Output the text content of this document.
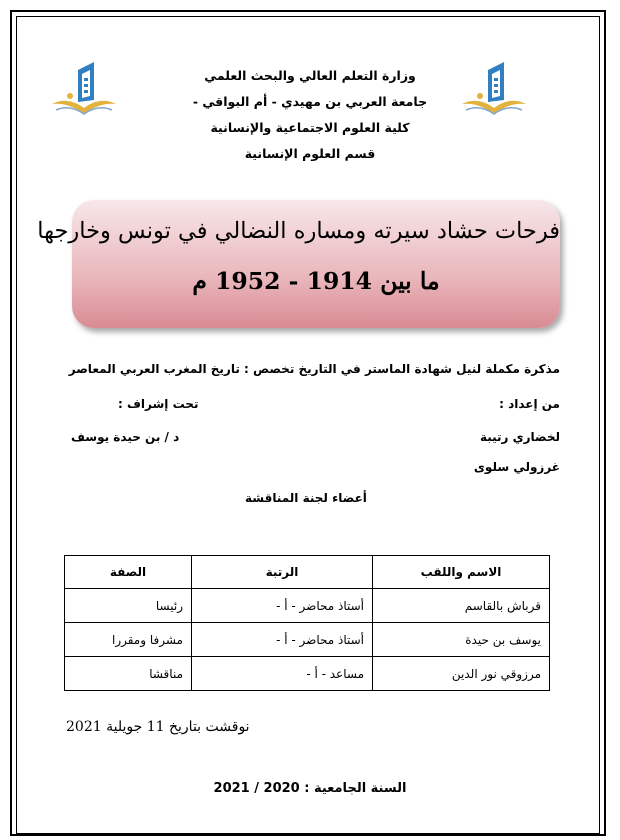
وزارة التعلم العالي والبحث العلمي
جامعة العربي بن مهيدي - أم البواقي -
كلية العلوم الاجتماعية والإنسانية
قسم العلوم الإنسانية
فرحات حشاد سيرته ومساره النضالي في تونس وخارجها
ما بين 1914 - 1952 م
مذكرة مكملة لنيل شهادة الماستر في التاريخ تخصص : تاريخ المغرب العربي المعاصر
من إعداد :
تحت إشراف :
لخضاري رتيبة
د / بن حيدة يوسف
غرزولي سلوى
أعضاء لجنة المناقشة
الاسم واللقب	الرتبة	الصفة
قرباش بالقاسم	أستاذ محاضر - أ -	رئيسا
يوسف بن حيدة	أستاذ محاضر - أ -	مشرفا ومقررا
مرزوقي نور الدين	مساعد - أ -	مناقشا
نوقشت بتاريخ 11 جويلية 2021
السنة الجامعية : 2020 / 2021
